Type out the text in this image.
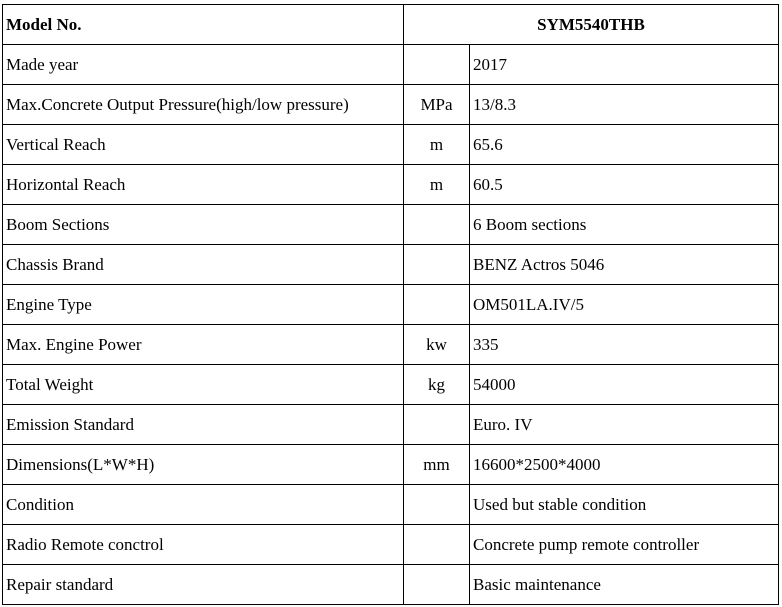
Model No.	SYM5540THB	
Made year		2017
Max.Concrete Output Pressure(high/low pressure)	MPa	13/8.3
Vertical Reach	m	65.6
Horizontal Reach	m	60.5
Boom Sections		6 Boom sections
Chassis Brand		BENZ Actros 5046
Engine Type		OM501LA.IV/5
Max. Engine Power	kw	335
Total Weight	kg	54000
Emission Standard		Euro. IV
Dimensions(L*W*H)	mm	16600*2500*4000
Condition		Used but stable condition
Radio Remote conctrol		Concrete pump remote controller
Repair standard		Basic maintenance
